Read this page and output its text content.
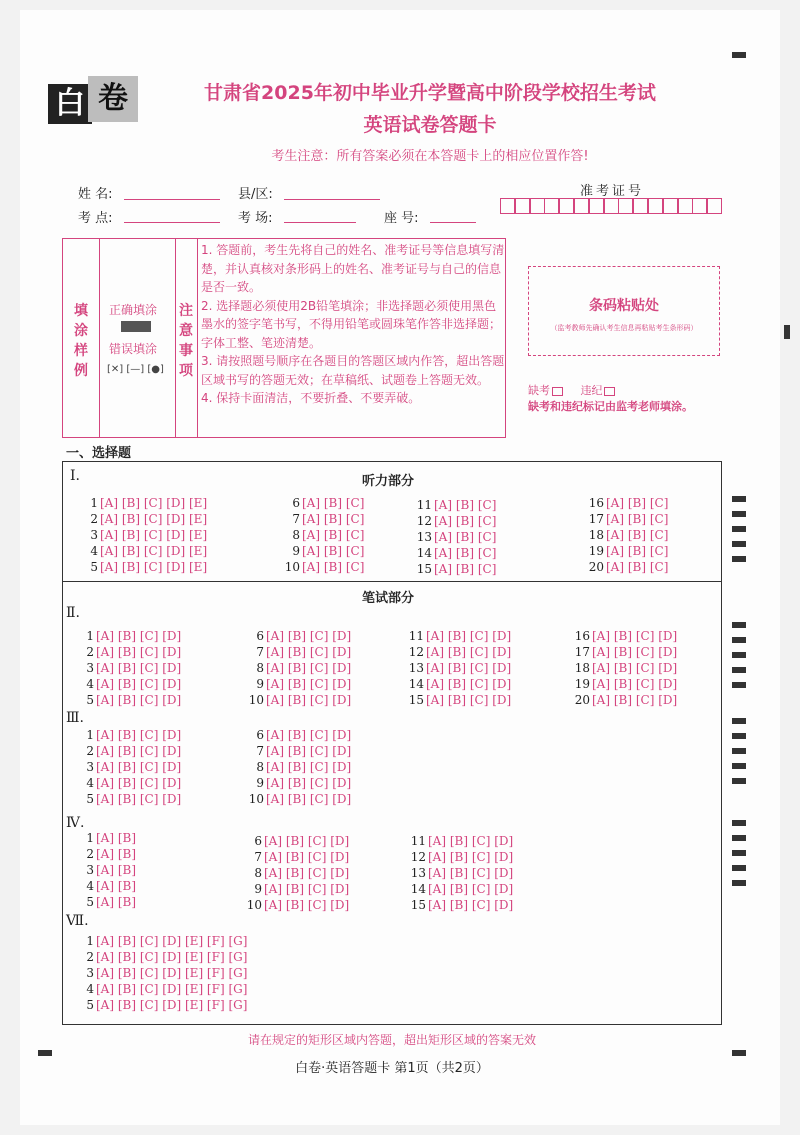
白 卷	甘肃省2025年初中毕业升学暨高中阶段学校招生考试
英语试卷答题卡
考生注意：所有答案必须在本答题卡上的相应位置作答!
姓 名:	县/区:
考 点:	考 场:	座 号:
准考证号
填涂样例
正确填涂
错误填涂
[✕] [—] [●]
注意事项
1. 答题前，考生先将自己的姓名、准考证号等信息填写清楚，并认真核对条形码上的姓名、准考证号与自己的信息是否一致。
2. 选择题必须使用2B铅笔填涂；非选择题必须使用黑色墨水的签字笔书写，不得用铅笔或圆珠笔作答非选择题；字体工整、笔迹清楚。
3. 请按照题号顺序在各题目的答题区域内作答，超出答题区域书写的答题无效；在草稿纸、试题卷上答题无效。
4. 保持卡面清洁，不要折叠、不要弄破。
条码粘贴处
（监考教师先确认考生信息再粘贴考生条形码）
缺考	违纪
缺考和违纪标记由监考老师填涂。
一、选择题
听力部分
笔试部分
Ⅰ.
Ⅱ.
Ⅲ.
Ⅳ.
Ⅶ.
1 [A] [B] [C] [D] [E]
2 [A] [B] [C] [D] [E]
3 [A] [B] [C] [D] [E]
4 [A] [B] [C] [D] [E]
5 [A] [B] [C] [D] [E]
6 [A] [B] [C]
7 [A] [B] [C]
8 [A] [B] [C]
9 [A] [B] [C]
10 [A] [B] [C]
11 [A] [B] [C]
12 [A] [B] [C]
13 [A] [B] [C]
14 [A] [B] [C]
15 [A] [B] [C]
16 [A] [B] [C]
17 [A] [B] [C]
18 [A] [B] [C]
19 [A] [B] [C]
20 [A] [B] [C]
1 [A] [B] [C] [D]
2 [A] [B] [C] [D]
3 [A] [B] [C] [D]
4 [A] [B] [C] [D]
5 [A] [B] [C] [D]
6 [A] [B] [C] [D]
7 [A] [B] [C] [D]
8 [A] [B] [C] [D]
9 [A] [B] [C] [D]
10 [A] [B] [C] [D]
11 [A] [B] [C] [D]
12 [A] [B] [C] [D]
13 [A] [B] [C] [D]
14 [A] [B] [C] [D]
15 [A] [B] [C] [D]
16 [A] [B] [C] [D]
17 [A] [B] [C] [D]
18 [A] [B] [C] [D]
19 [A] [B] [C] [D]
20 [A] [B] [C] [D]
1 [A] [B] [C] [D]
2 [A] [B] [C] [D]
3 [A] [B] [C] [D]
4 [A] [B] [C] [D]
5 [A] [B] [C] [D]
6 [A] [B] [C] [D]
7 [A] [B] [C] [D]
8 [A] [B] [C] [D]
9 [A] [B] [C] [D]
10 [A] [B] [C] [D]
1 [A] [B]
2 [A] [B]
3 [A] [B]
4 [A] [B]
5 [A] [B]
6 [A] [B] [C] [D]
7 [A] [B] [C] [D]
8 [A] [B] [C] [D]
9 [A] [B] [C] [D]
10 [A] [B] [C] [D]
11 [A] [B] [C] [D]
12 [A] [B] [C] [D]
13 [A] [B] [C] [D]
14 [A] [B] [C] [D]
15 [A] [B] [C] [D]
1 [A] [B] [C] [D] [E] [F] [G]
2 [A] [B] [C] [D] [E] [F] [G]
3 [A] [B] [C] [D] [E] [F] [G]
4 [A] [B] [C] [D] [E] [F] [G]
5 [A] [B] [C] [D] [E] [F] [G]
请在规定的矩形区域内答题，超出矩形区域的答案无效
白卷·英语答题卡 第1页（共2页）
